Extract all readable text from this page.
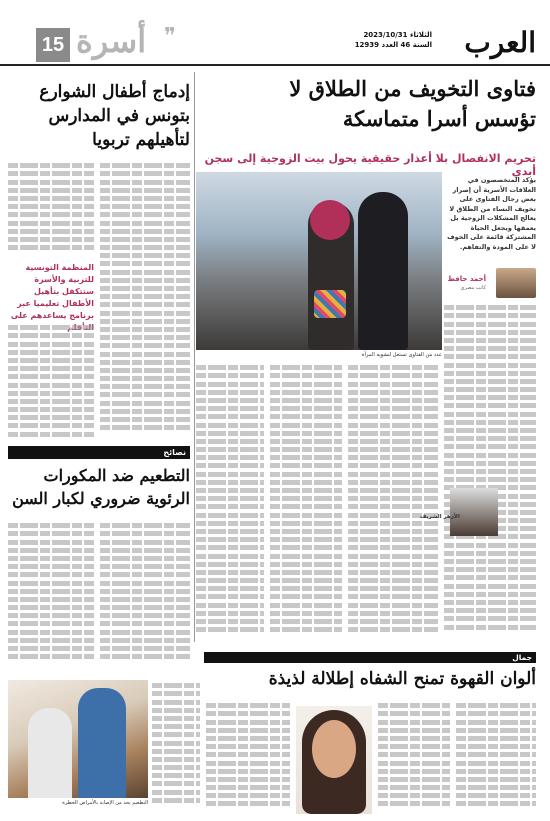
العرب
الثلاثاء 2023/10/31
السنة 46 العدد 12939
15 أسرة ❞
فتاوى التخويف من الطلاق لا تؤسس أسرا متماسكة
تحريم الانفصال بلا أعذار حقيقية يحول بيت الزوجية إلى سجن أبدي
يؤكد المتخصصون في العلاقات الأسرية أن إصرار بعض رجال الفتاوى على تخويف النساء من الطلاق لا يعالج المشكلات الزوجية بل يعمقها ويجعل الحياة المشتركة قائمة على الخوف لا على المودة والتفاهم.
أحمد حافظ
كاتب مصري
عدد من الفتاوى تستغل لتشويه المرأة
الأزهر الشريف
إدماج أطفال الشوارع بتونس في المدارس لتأهيلهم تربويا
المنظمة التونسية للتربية والأسرة ستتكفل بتأهيل الأطفال تعليميا عبر برنامج يساعدهم على
نصائح
التطعيم ضد المكورات الرئوية ضروري لكبار السن
التطعيم يحد من الإصابة بالأمراض الخطرة
جمال
ألوان القهوة تمنح الشفاه إطلالة لذيذة
